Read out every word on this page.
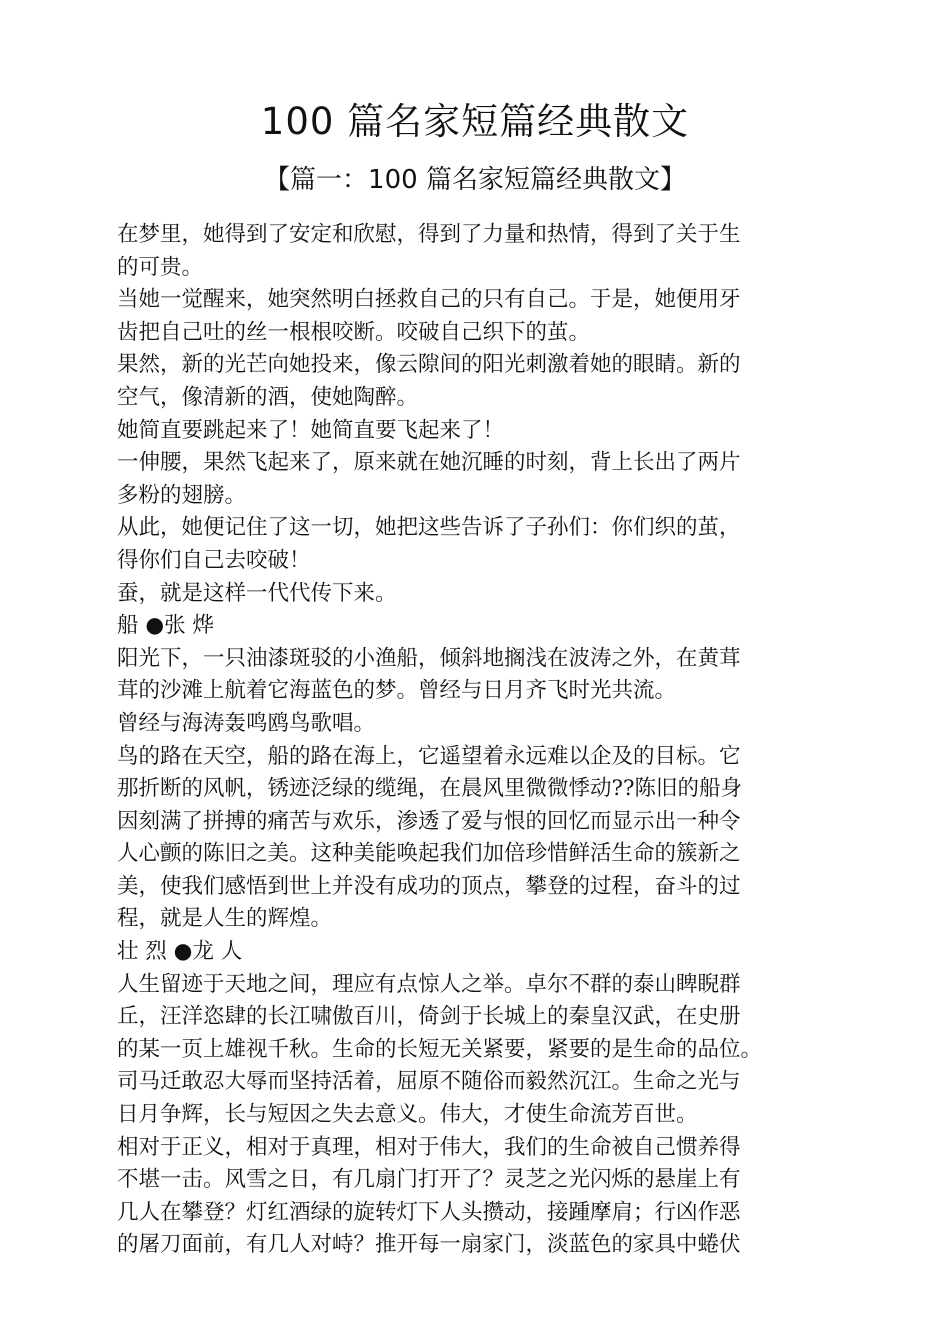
100 篇名家短篇经典散文
【篇一：100 篇名家短篇经典散文】
在梦里，她得到了安定和欣慰，得到了力量和热情，得到了关于生
的可贵。
当她一觉醒来，她突然明白拯救自己的只有自己。于是，她便用牙
齿把自己吐的丝一根根咬断。咬破自己织下的茧。
果然，新的光芒向她投来，像云隙间的阳光刺激着她的眼睛。新的
空气，像清新的酒，使她陶醉。
她简直要跳起来了！她简直要飞起来了！
一伸腰，果然飞起来了，原来就在她沉睡的时刻，背上长出了两片
多粉的翅膀。
从此，她便记住了这一切，她把这些告诉了子孙们：你们织的茧，
得你们自己去咬破！
蚕，就是这样一代代传下来。
船 ●张 烨
阳光下，一只油漆斑驳的小渔船，倾斜地搁浅在波涛之外，在黄茸
茸的沙滩上航着它海蓝色的梦。曾经与日月齐飞时光共流。
曾经与海涛轰鸣鸥鸟歌唱。
鸟的路在天空，船的路在海上，它遥望着永远难以企及的目标。它
那折断的风帆，锈迹泛绿的缆绳，在晨风里微微悸动??陈旧的船身
因刻满了拼搏的痛苦与欢乐，渗透了爱与恨的回忆而显示出一种令
人心颤的陈旧之美。这种美能唤起我们加倍珍惜鲜活生命的簇新之
美，使我们感悟到世上并没有成功的顶点，攀登的过程，奋斗的过
程，就是人生的辉煌。
壮 烈 ●龙 人
人生留迹于天地之间，理应有点惊人之举。卓尔不群的泰山睥睨群
丘，汪洋恣肆的长江啸傲百川，倚剑于长城上的秦皇汉武，在史册
的某一页上雄视千秋。生命的长短无关紧要，紧要的是生命的品位。
司马迁敢忍大辱而坚持活着，屈原不随俗而毅然沉江。生命之光与
日月争辉，长与短因之失去意义。伟大，才使生命流芳百世。
相对于正义，相对于真理，相对于伟大，我们的生命被自己惯养得
不堪一击。风雪之日，有几扇门打开了？灵芝之光闪烁的悬崖上有
几人在攀登？灯红酒绿的旋转灯下人头攒动，接踵摩肩；行凶作恶
的屠刀面前，有几人对峙？推开每一扇家门，淡蓝色的家具中蜷伏
